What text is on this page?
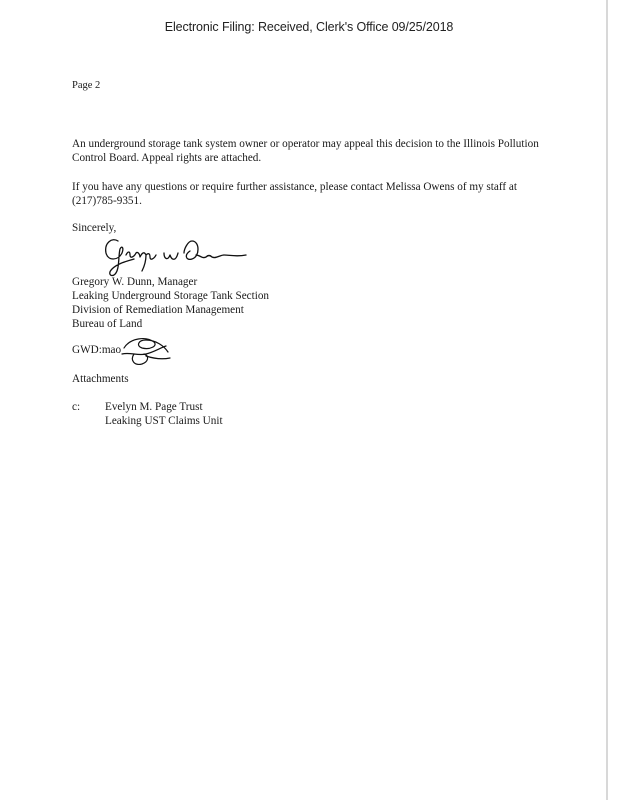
Electronic Filing: Received, Clerk's Office 09/25/2018
Page 2
An underground storage tank system owner or operator may appeal this decision to the Illinois Pollution Control Board. Appeal rights are attached.
If you have any questions or require further assistance, please contact Melissa Owens of my staff at (217)785-9351.
Sincerely,
Gregory W. Dunn, Manager
Leaking Underground Storage Tank Section
Division of Remediation Management
Bureau of Land
GWD:mao
Attachments
c: Evelyn M. Page Trust
Leaking UST Claims Unit
